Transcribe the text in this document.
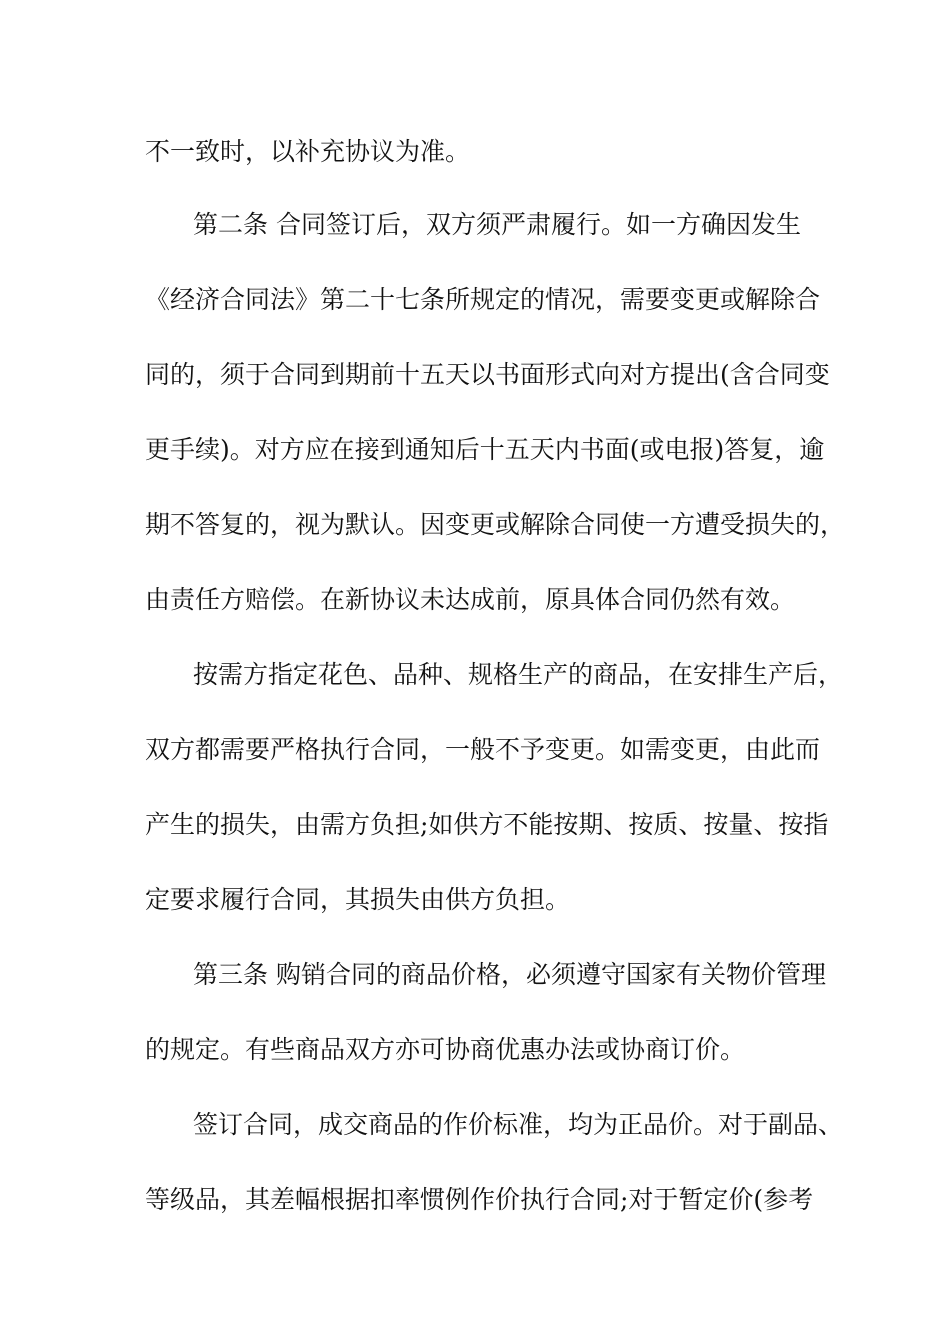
不一致时，以补充协议为准。
第二条 合同签订后，双方须严肃履行。如一方确因发生
《经济合同法》第二十七条所规定的情况，需要变更或解除合
同的，须于合同到期前十五天以书面形式向对方提出(含合同变
更手续)。对方应在接到通知后十五天内书面(或电报)答复，逾
期不答复的，视为默认。因变更或解除合同使一方遭受损失的，
由责任方赔偿。在新协议未达成前，原具体合同仍然有效。
按需方指定花色、品种、规格生产的商品，在安排生产后，
双方都需要严格执行合同，一般不予变更。如需变更，由此而
产生的损失，由需方负担;如供方不能按期、按质、按量、按指
定要求履行合同，其损失由供方负担。
第三条 购销合同的商品价格，必须遵守国家有关物价管理
的规定。有些商品双方亦可协商优惠办法或协商订价。
签订合同，成交商品的作价标准，均为正品价。对于副品、
等级品，其差幅根据扣率惯例作价执行合同;对于暂定价(参考
